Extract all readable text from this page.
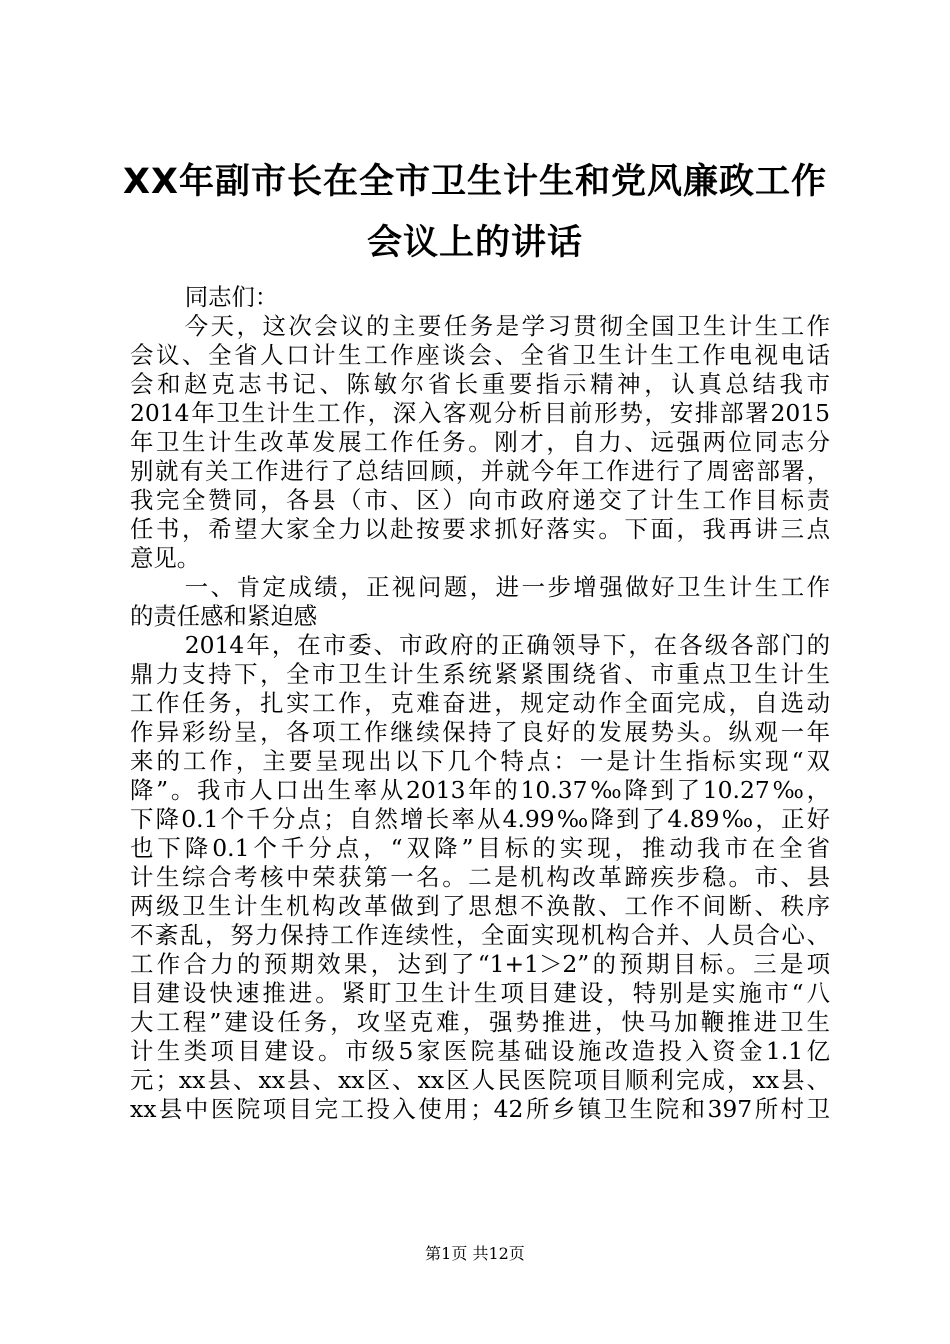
XX年副市长在全市卫生计生和党风廉政工作
会议上的讲话
同志们：
今天，这次会议的主要任务是学习贯彻全国卫生计生工作
会议、全省人口计生工作座谈会、全省卫生计生工作电视电话
会和赵克志书记、陈敏尔省长重要指示精神，认真总结我市
2014年卫生计生工作，深入客观分析目前形势，安排部署2015
年卫生计生改革发展工作任务。刚才，自力、远强两位同志分
别就有关工作进行了总结回顾，并就今年工作进行了周密部署，
我完全赞同，各县（市、区）向市政府递交了计生工作目标责
任书，希望大家全力以赴按要求抓好落实。下面，我再讲三点
意见。
一、肯定成绩，正视问题，进一步增强做好卫生计生工作
的责任感和紧迫感
2014年，在市委、市政府的正确领导下，在各级各部门的
鼎力支持下，全市卫生计生系统紧紧围绕省、市重点卫生计生
工作任务，扎实工作，克难奋进，规定动作全面完成，自选动
作异彩纷呈，各项工作继续保持了良好的发展势头。纵观一年
来的工作，主要呈现出以下几个特点：一是计生指标实现“双
降”。我市人口出生率从2013年的10.37‰降到了10.27‰，
下降0.1个千分点；自然增长率从4.99‰降到了4.89‰，正好
也下降0.1个千分点，“双降”目标的实现，推动我市在全省
计生综合考核中荣获第一名。二是机构改革蹄疾步稳。市、县
两级卫生计生机构改革做到了思想不涣散、工作不间断、秩序
不紊乱，努力保持工作连续性，全面实现机构合并、人员合心、
工作合力的预期效果，达到了“1+1＞2”的预期目标。三是项
目建设快速推进。紧盯卫生计生项目建设，特别是实施市“八
大工程”建设任务，攻坚克难，强势推进，快马加鞭推进卫生
计生类项目建设。市级5家医院基础设施改造投入资金1.1亿
元；xx县、xx县、xx区、xx区人民医院项目顺利完成，xx县、
xx县中医院项目完工投入使用；42所乡镇卫生院和397所村卫
第1页 共12页
